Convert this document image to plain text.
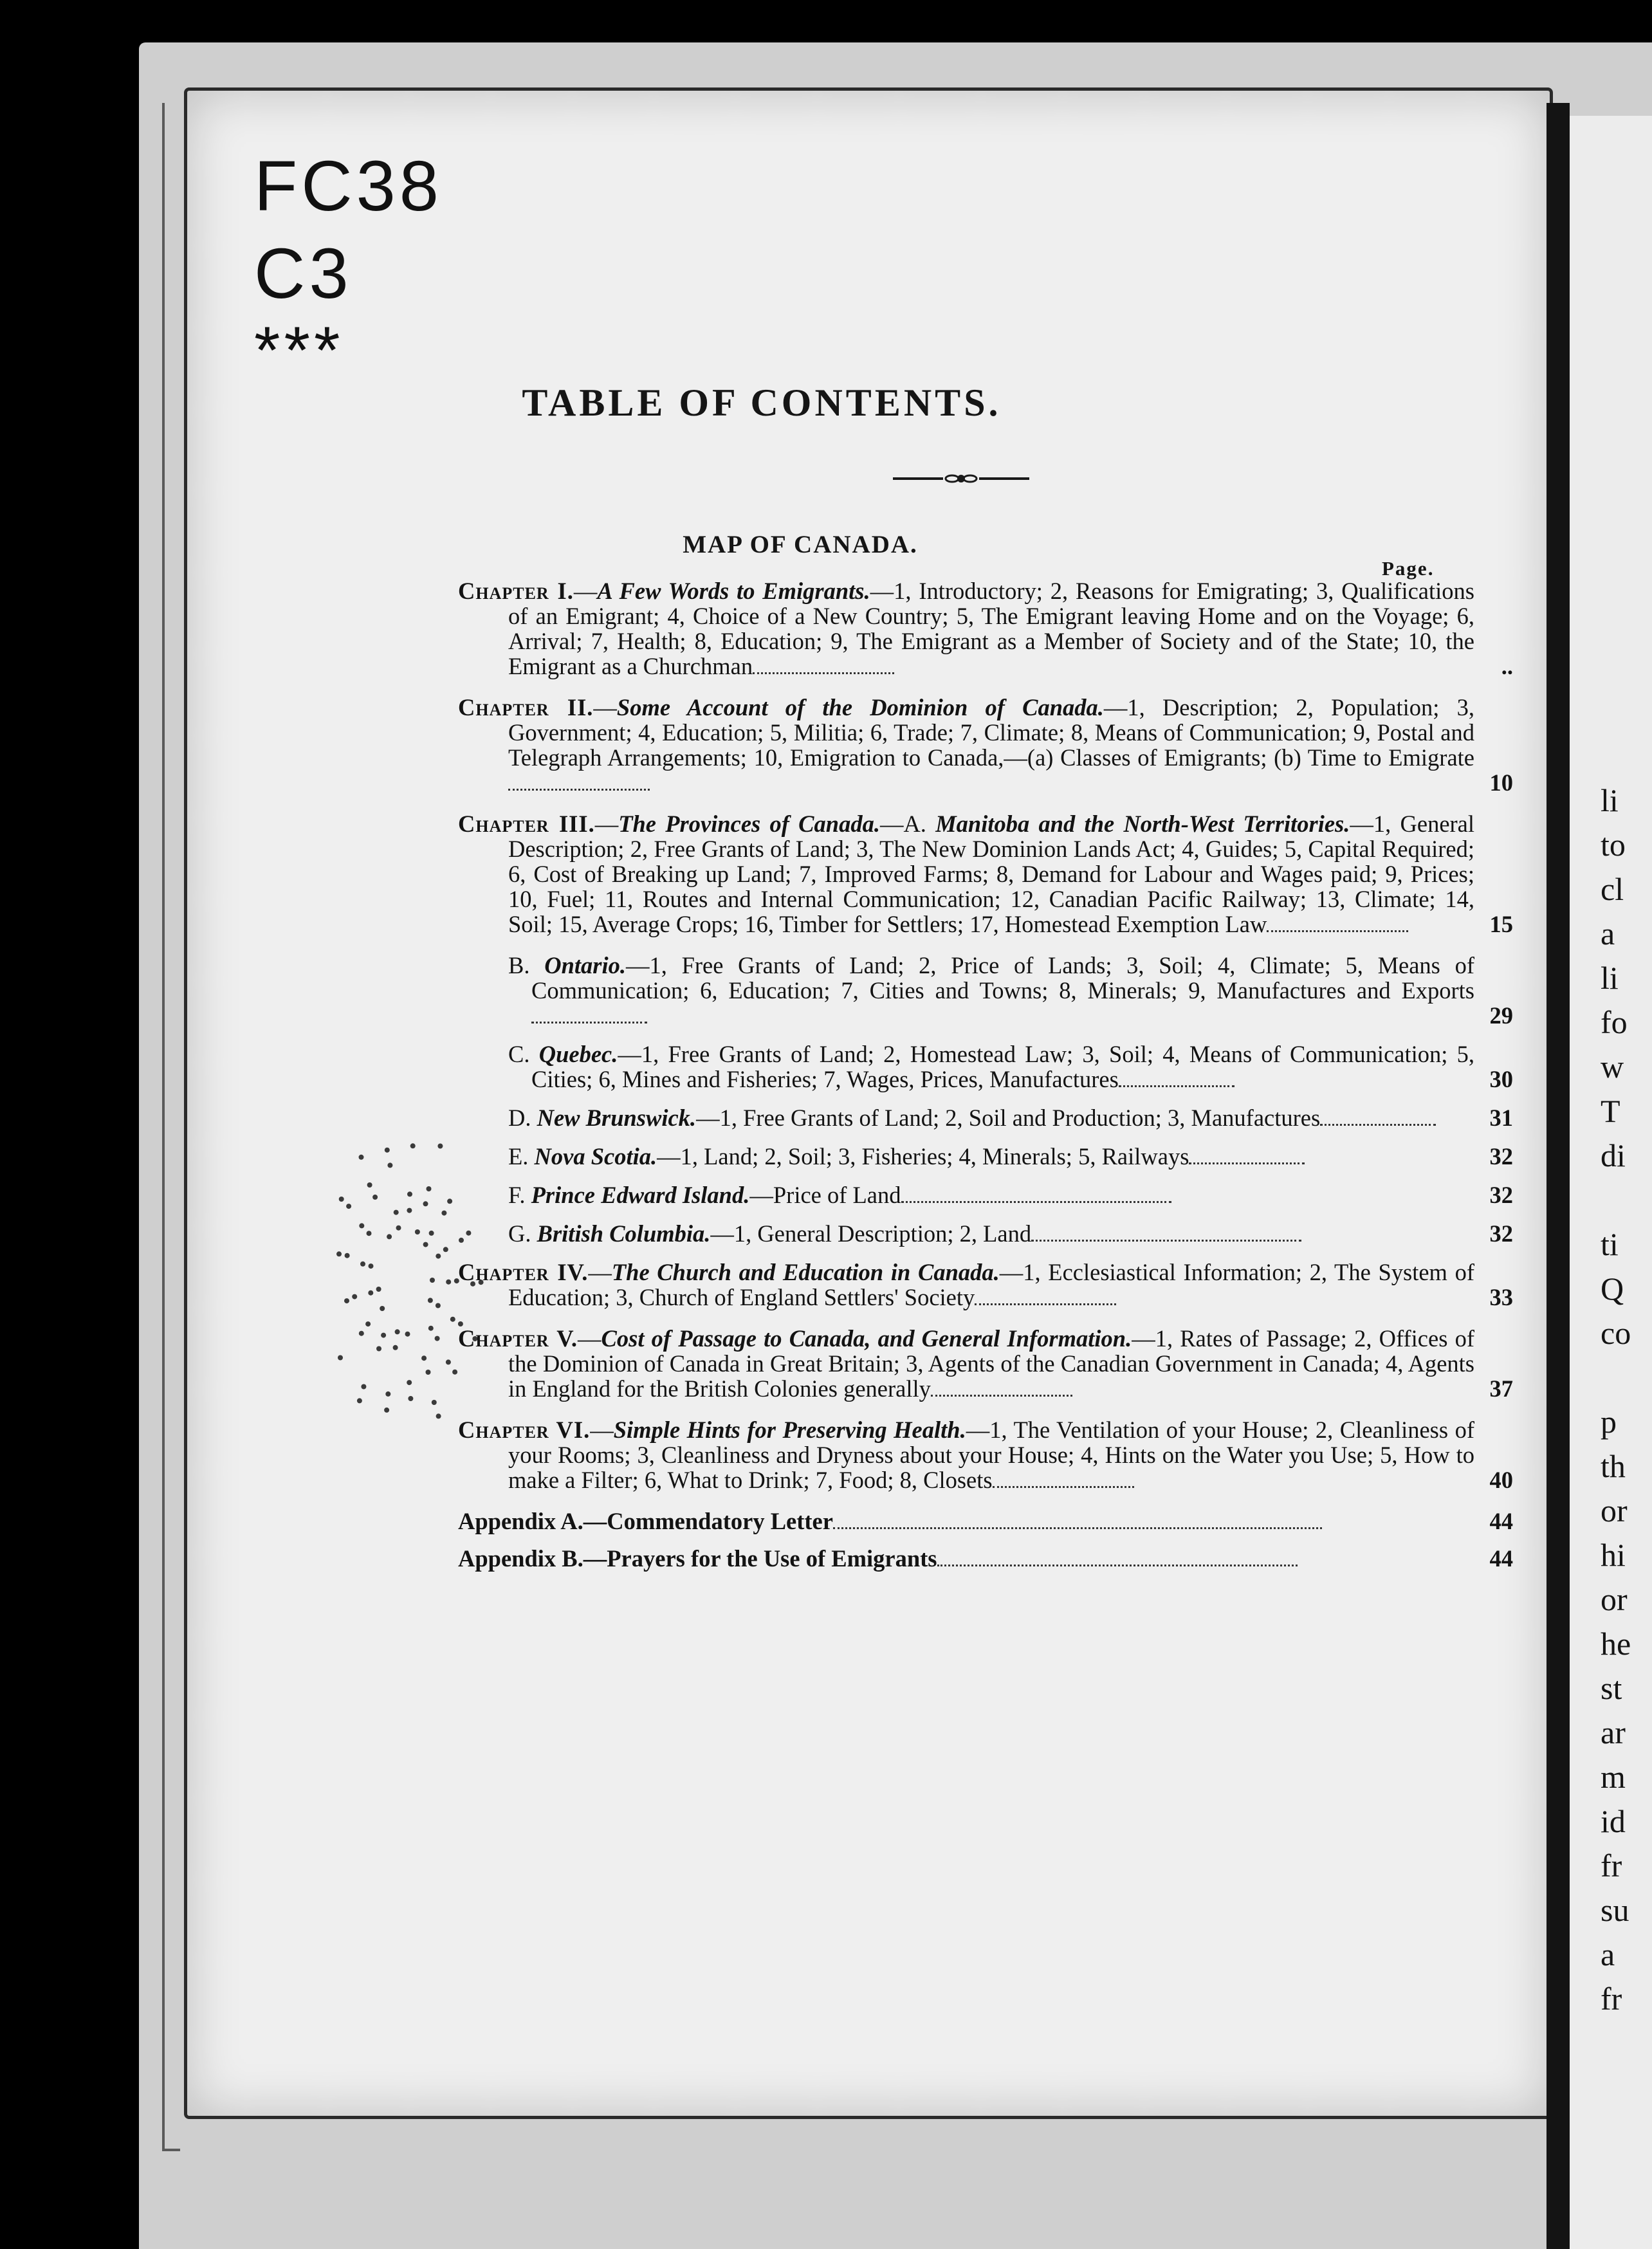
li
to
cl
a
li
fo
w
T
di
ti
Q
co
p
th
or
hi
or
he
st
ar
m
id
fr
su
a
fr
FC38
C3
***
TABLE OF CONTENTS.
MAP OF CANADA.
Page.
Chapter I.—A Few Words to Emigrants.—1, Introductory; 2, Reasons for Emigrating; 3, Qualifications of an Emigrant; 4, Choice of a New Country; 5, The Emigrant leaving Home and on the Voyage; 6, Arrival; 7, Health; 8, Education; 9, The Emigrant as a Member of Society and of the State; 10, the Emigrant as a Churchman	..
Chapter II.—Some Account of the Dominion of Canada.—1, Description; 2, Population; 3, Government; 4, Education; 5, Militia; 6, Trade; 7, Climate; 8, Means of Communication; 9, Postal and Telegraph Arrangements; 10, Emigration to Canada,—(a) Classes of Emigrants; (b) Time to Emigrate
10
Chapter III.—The Provinces of Canada.—A. Manitoba and the North-West Territories.—1, General Description; 2, Free Grants of Land; 3, The New Dominion Lands Act; 4, Guides; 5, Capital Required; 6, Cost of Breaking up Land; 7, Improved Farms; 8, Demand for Labour and Wages paid; 9, Prices; 10, Fuel; 11, Routes and Internal Communication; 12, Canadian Pacific Railway; 13, Climate; 14, Soil; 15, Average Crops; 16, Timber for Settlers; 17, Homestead Exemption Law	15
B. Ontario.—1, Free Grants of Land; 2, Price of Lands; 3, Soil; 4, Climate; 5, Means of Communication; 6, Education; 7, Cities and Towns; 8, Minerals; 9, Manufactures and Exports
29
C. Quebec.—1, Free Grants of Land; 2, Homestead Law; 3, Soil; 4, Means of Communication; 5, Cities; 6, Mines and Fisheries; 7, Wages, Prices, Manufactures	30
D. New Brunswick.—1, Free Grants of Land; 2, Soil and Production; 3, Manufactures	31
E. Nova Scotia.—1, Land; 2, Soil; 3, Fisheries; 4, Minerals; 5, Railways	32
F. Prince Edward Island.—Price of Land	32
G. British Columbia.—1, General Description; 2, Land	32
Chapter IV.—The Church and Education in Canada.—1, Ecclesiastical Information; 2, The System of Education; 3, Church of England Settlers' Society	33
Chapter V.—Cost of Passage to Canada, and General Information.—1, Rates of Passage; 2, Offices of the Dominion of Canada in Great Britain; 3, Agents of the Canadian Government in Canada; 4, Agents in England for the British Colonies generally	37
Chapter VI.—Simple Hints for Preserving Health.—1, The Ventilation of your House; 2, Cleanliness of your Rooms; 3, Cleanliness and Dryness about your House; 4, Hints on the Water you Use; 5, How to make a Filter; 6, What to Drink; 7, Food; 8, Closets	40
Appendix A.—Commendatory Letter	44
Appendix B.—Prayers for the Use of Emigrants	44
